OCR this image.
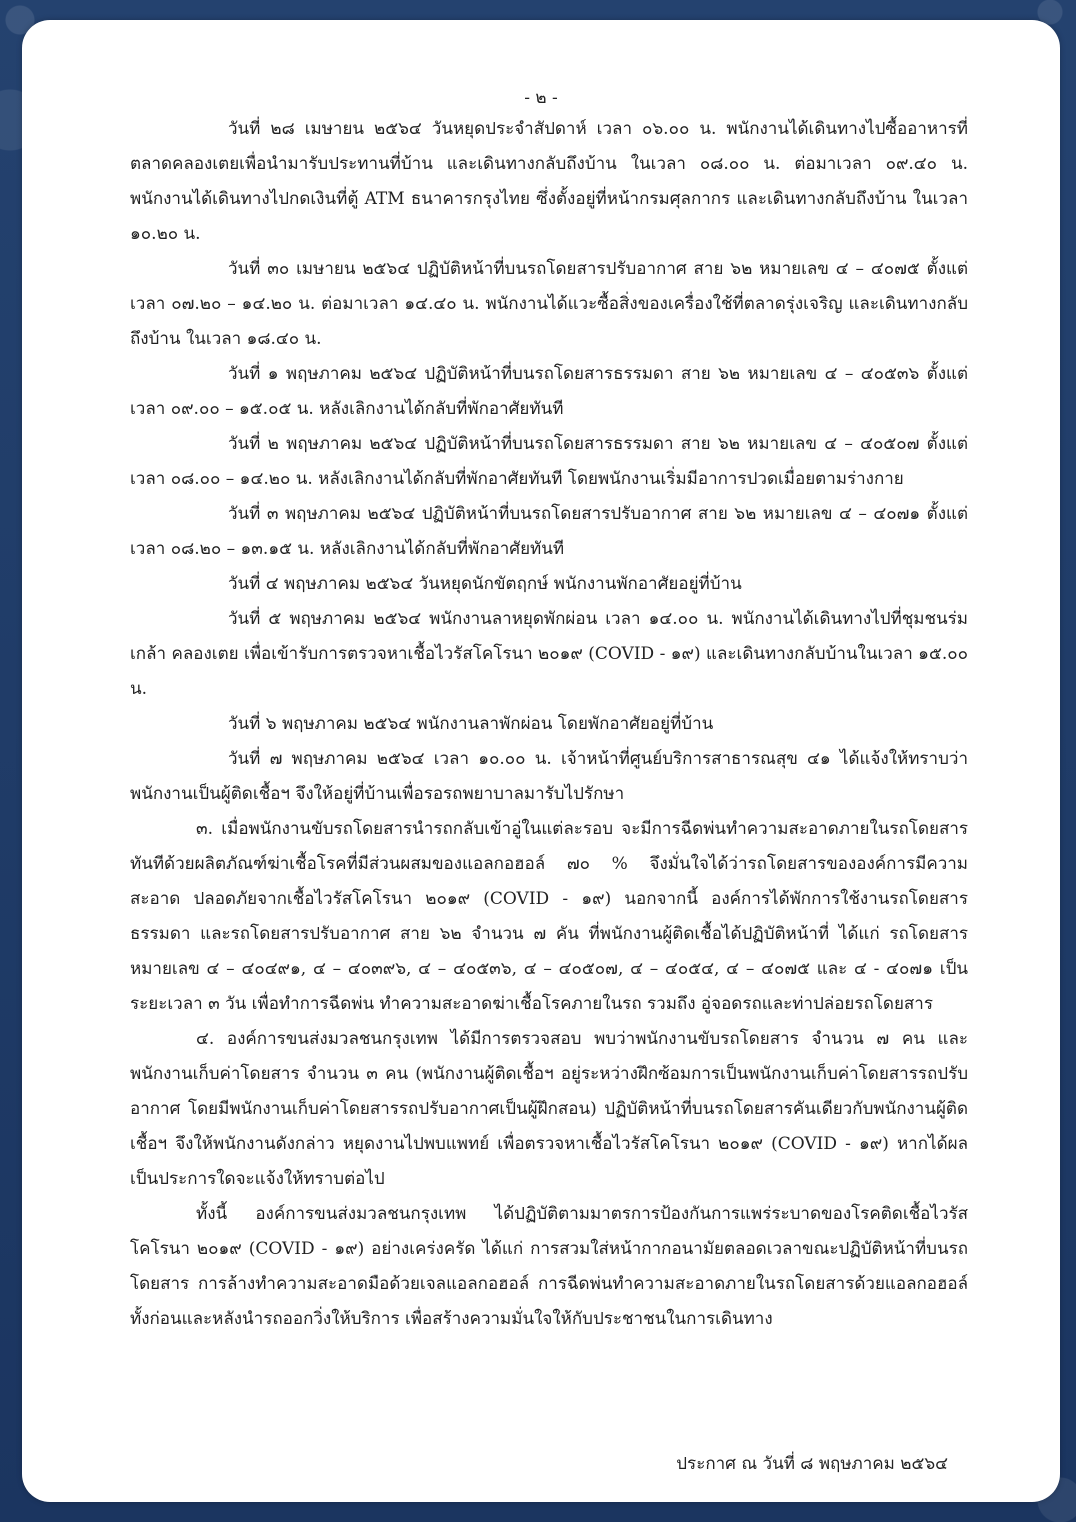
- ๒ -

วันที่ ๒๘ เมษายน ๒๕๖๔ วันหยุดประจำสัปดาห์ เวลา ๐๖.๐๐ น. พนักงานได้เดินทางไปซื้ออาหารที่ตลาดคลองเตยเพื่อนำมารับประทานที่บ้าน และเดินทางกลับถึงบ้าน ในเวลา ๐๘.๐๐ น. ต่อมาเวลา ๐๙.๔๐ น. พนักงานได้เดินทางไปกดเงินที่ตู้ ATM ธนาคารกรุงไทย ซึ่งตั้งอยู่ที่หน้ากรมศุลกากร และเดินทางกลับถึงบ้าน ในเวลา ๑๐.๒๐ น.

วันที่ ๓๐ เมษายน ๒๕๖๔ ปฏิบัติหน้าที่บนรถโดยสารปรับอากาศ สาย ๖๒ หมายเลข ๔ – ๔๐๗๕ ตั้งแต่เวลา ๐๗.๒๐ – ๑๔.๒๐ น. ต่อมาเวลา ๑๔.๔๐ น. พนักงานได้แวะซื้อสิ่งของเครื่องใช้ที่ตลาดรุ่งเจริญ และเดินทางกลับถึงบ้าน ในเวลา ๑๘.๔๐ น.

วันที่ ๑ พฤษภาคม ๒๕๖๔ ปฏิบัติหน้าที่บนรถโดยสารธรรมดา สาย ๖๒ หมายเลข ๔ – ๔๐๕๓๖ ตั้งแต่เวลา ๐๙.๐๐ – ๑๕.๐๕ น. หลังเลิกงานได้กลับที่พักอาศัยทันที

วันที่ ๒ พฤษภาคม ๒๕๖๔ ปฏิบัติหน้าที่บนรถโดยสารธรรมดา สาย ๖๒ หมายเลข ๔ – ๔๐๕๐๗ ตั้งแต่เวลา ๐๘.๐๐ – ๑๔.๒๐ น. หลังเลิกงานได้กลับที่พักอาศัยทันที โดยพนักงานเริ่มมีอาการปวดเมื่อยตามร่างกาย

วันที่ ๓ พฤษภาคม ๒๕๖๔ ปฏิบัติหน้าที่บนรถโดยสารปรับอากาศ สาย ๖๒ หมายเลข ๔ – ๔๐๗๑ ตั้งแต่เวลา ๐๘.๒๐ – ๑๓.๑๕ น. หลังเลิกงานได้กลับที่พักอาศัยทันที

วันที่ ๔ พฤษภาคม ๒๕๖๔ วันหยุดนักขัตฤกษ์ พนักงานพักอาศัยอยู่ที่บ้าน

วันที่ ๕ พฤษภาคม ๒๕๖๔ พนักงานลาหยุดพักผ่อน เวลา ๑๔.๐๐ น. พนักงานได้เดินทางไปที่ชุมชนร่มเกล้า คลองเตย เพื่อเข้ารับการตรวจหาเชื้อไวรัสโคโรนา ๒๐๑๙ (COVID - ๑๙) และเดินทางกลับบ้านในเวลา ๑๕.๐๐ น.

วันที่ ๖ พฤษภาคม ๒๕๖๔ พนักงานลาพักผ่อน โดยพักอาศัยอยู่ที่บ้าน

วันที่ ๗ พฤษภาคม ๒๕๖๔ เวลา ๑๐.๐๐ น. เจ้าหน้าที่ศูนย์บริการสาธารณสุข ๔๑ ได้แจ้งให้ทราบว่า พนักงานเป็นผู้ติดเชื้อฯ จึงให้อยู่ที่บ้านเพื่อรอรถพยาบาลมารับไปรักษา

๓. เมื่อพนักงานขับรถโดยสารนำรถกลับเข้าอู่ในแต่ละรอบ จะมีการฉีดพ่นทำความสะอาดภายในรถโดยสารทันทีด้วยผลิตภัณฑ์ฆ่าเชื้อโรคที่มีส่วนผสมของแอลกอฮอล์ ๗๐ % จึงมั่นใจได้ว่ารถโดยสารขององค์การมีความสะอาด ปลอดภัยจากเชื้อไวรัสโคโรนา ๒๐๑๙ (COVID - ๑๙) นอกจากนี้ องค์การได้พักการใช้งานรถโดยสารธรรมดา และรถโดยสารปรับอากาศ สาย ๖๒ จำนวน ๗ คัน ที่พนักงานผู้ติดเชื้อได้ปฏิบัติหน้าที่ ได้แก่ รถโดยสาร หมายเลข ๔ – ๔๐๔๙๑, ๔ – ๔๐๓๙๖, ๔ – ๔๐๕๓๖, ๔ – ๔๐๕๐๗, ๔ – ๔๐๕๔, ๔ – ๔๐๗๕ และ ๔ - ๔๐๗๑ เป็นระยะเวลา ๓ วัน เพื่อทำการฉีดพ่น ทำความสะอาดฆ่าเชื้อโรคภายในรถ รวมถึง อู่จอดรถและท่าปล่อยรถโดยสาร

๔. องค์การขนส่งมวลชนกรุงเทพ ได้มีการตรวจสอบ พบว่าพนักงานขับรถโดยสาร จำนวน ๗ คน และพนักงานเก็บค่าโดยสาร จำนวน ๓ คน (พนักงานผู้ติดเชื้อฯ อยู่ระหว่างฝึกซ้อมการเป็นพนักงานเก็บค่าโดยสารรถปรับอากาศ โดยมีพนักงานเก็บค่าโดยสารรถปรับอากาศเป็นผู้ฝึกสอน) ปฏิบัติหน้าที่บนรถโดยสารคันเดียวกับพนักงานผู้ติดเชื้อฯ จึงให้พนักงานดังกล่าว หยุดงานไปพบแพทย์ เพื่อตรวจหาเชื้อไวรัสโคโรนา ๒๐๑๙ (COVID - ๑๙) หากได้ผลเป็นประการใดจะแจ้งให้ทราบต่อไป

ทั้งนี้ องค์การขนส่งมวลชนกรุงเทพ ได้ปฏิบัติตามมาตรการป้องกันการแพร่ระบาดของโรคติดเชื้อไวรัสโคโรนา ๒๐๑๙ (COVID - ๑๙) อย่างเคร่งครัด ได้แก่ การสวมใส่หน้ากากอนามัยตลอดเวลาขณะปฏิบัติหน้าที่บนรถโดยสาร การล้างทำความสะอาดมือด้วยเจลแอลกอฮอล์ การฉีดพ่นทำความสะอาดภายในรถโดยสารด้วยแอลกอฮอล์ ทั้งก่อนและหลังนำรถออกวิ่งให้บริการ เพื่อสร้างความมั่นใจให้กับประชาชนในการเดินทาง

ประกาศ ณ วันที่ ๘ พฤษภาคม ๒๕๖๔
